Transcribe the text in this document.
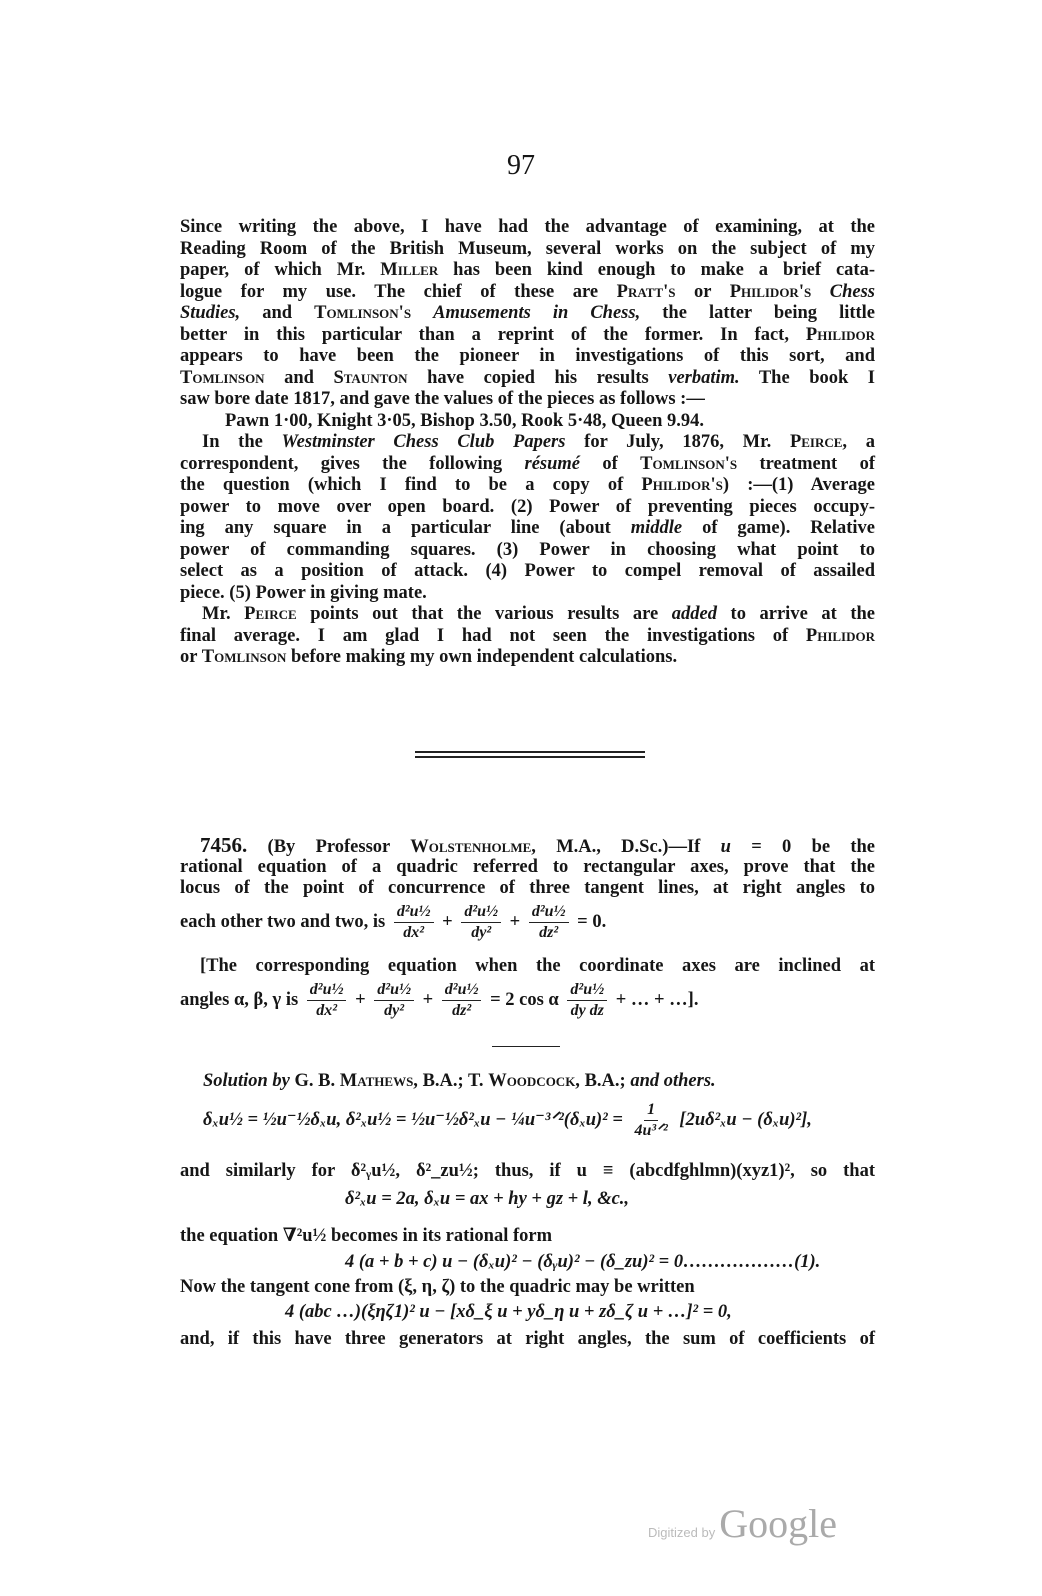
97
Since writing the above, I have had the advantage of examining, at the
Reading Room of the British Museum, several works on the subject of my
paper, of which Mr. Miller has been kind enough to make a brief cata-
logue for my use. The chief of these are Pratt's or Philidor's Chess
Studies, and Tomlinson's Amusements in Chess, the latter being little
better in this particular than a reprint of the former. In fact, Philidor
appears to have been the pioneer in investigations of this sort, and
Tomlinson and Staunton have copied his results verbatim. The book I
saw bore date 1817, and gave the values of the pieces as follows :—
Pawn 1·00, Knight 3·05, Bishop 3.50, Rook 5·48, Queen 9.94.
In the Westminster Chess Club Papers for July, 1876, Mr. Peirce, a
correspondent, gives the following résumé of Tomlinson's treatment of
the question (which I find to be a copy of Philidor's) :—(1) Average
power to move over open board. (2) Power of preventing pieces occupy-
ing any square in a particular line (about middle of game). Relative
power of commanding squares. (3) Power in choosing what point to
select as a position of attack. (4) Power to compel removal of assailed
piece. (5) Power in giving mate.
Mr. Peirce points out that the various results are added to arrive at the
final average. I am glad I had not seen the investigations of Philidor
or Tomlinson before making my own independent calculations.
7456. (By Professor Wolstenholme, M.A., D.Sc.)—If u = 0 be the
rational equation of a quadric referred to rectangular axes, prove that the
locus of the point of concurrence of three tangent lines, at right angles to
each other two and two, is $\frac{\text{d²u½}}{\text{dx²}} + \frac{\text{d²u½}}{\text{dy²}} + \frac{\text{d²u½}}{\text{dz²}} = 0$.
[The corresponding equation when the coordinate axes are inclined at
angles α, β, γ is $\frac{\text{d²u½}}{\text{dx²}} + \frac{\text{d²u½}}{\text{dy²}} + \frac{\text{d²u½}}{\text{dz²}} = 2$ cos α $\frac{\text{d²u½}}{\text{dy dz}}$ + … + …].
Solution by G. B. Mathews, B.A.; T. Woodcock, B.A.; and others.
δₓu½ = ½u⁻½δₓu, δ²ₓu½ = ½u⁻½δ²ₓu − ¼u⁻³ᐟ²(δₓu)² = $\frac{1}{\text{4u³ᐟ²}} [2u\delta^2_xu - (\delta_xu)^2]$,
and similarly for δ²ᵧu½, δ²_zu½; thus, if u ≡ (abcdfghlmn)(xyz1)², so that
δ²ₓu = 2a, δₓu = ax + hy + gz + l, &c.,
the equation ∇²u½ becomes in its rational form
4 (a + b + c) u − (δₓu)² − (δᵧu)² − (δ_zu)² = 0………………(1).
Now the tangent cone from (ξ, η, ζ) to the quadric may be written
4 (abc …)(ξηζ1)² u − [xδ_ξ u + yδ_η u + zδ_ζ u + …]² = 0,
and, if this have three generators at right angles, the sum of coefficients of
Digitized by Google
